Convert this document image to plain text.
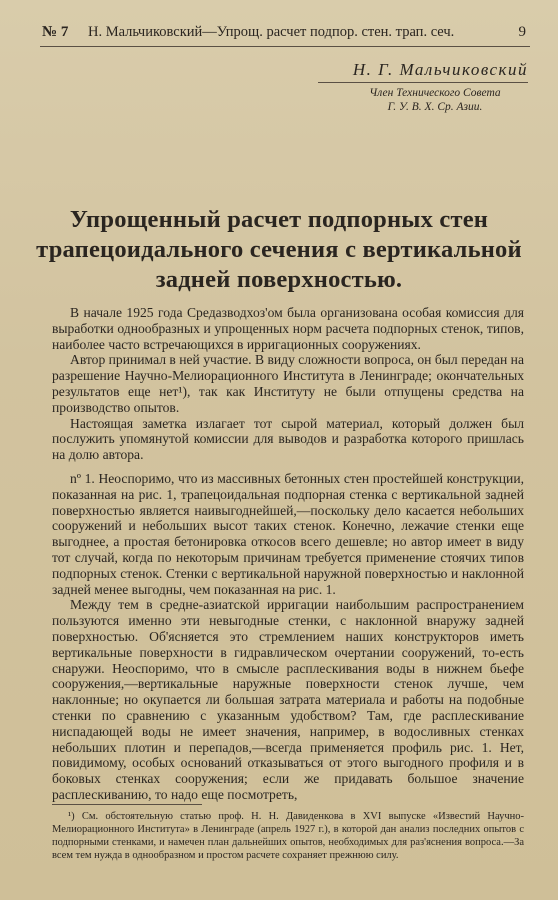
№ 7 Н. Мальчиковский—Упрощ. расчет подпор. стен. трап. сеч.	9
Н. Г. Мальчиковский
Член Технического Совета
Г. У. В. Х. Ср. Азии.
Упрощенный расчет подпорных стен трапецоидального сечения с вертикальной задней поверхностью.

В начале 1925 года Средазводхоз'ом была организована особая комиссия для выработки однообразных и упрощенных норм расчета подпорных стенок, типов, наиболее часто встречающихся в ирригационных сооружениях.

Автор принимал в ней участие. В виду сложности вопроса, он был передан на разрешение Научно-Мелиорационного Института в Ленинграде; окончательных результатов еще нет¹), так как Институту не были отпущены средства на производство опытов.

Настоящая заметка излагает тот сырой материал, который должен был послужить упомянутой комиссии для выводов и разработка которого пришлась на долю автора.

nº 1. Неоспоримо, что из массивных бетонных стен простейшей конструкции, показанная на рис. 1, трапецоидальная подпорная стенка с вертикальной задней поверхностью является наивыгоднейшей,—поскольку дело касается небольших сооружений и небольших высот таких стенок. Конечно, лежачие стенки еще выгоднее, а простая бетонировка откосов всего дешевле; но автор имеет в виду тот случай, когда по некоторым причинам требуется применение стоячих типов подпорных стенок. Стенки с вертикальной наружной поверхностью и наклонной задней менее выгодны, чем показанная на рис. 1.

Между тем в средне-азиатской ирригации наибольшим распространением пользуются именно эти невыгодные стенки, с наклонной внаружу задней поверхностью. Об'ясняется это стремлением наших конструкторов иметь вертикальные поверхности в гидравлическом очертании сооружений, то-есть снаружи. Неоспоримо, что в смысле расплескивания воды в нижнем бьефе сооружения,—вертикальные наружные поверхности стенок лучше, чем наклонные; но окупается ли большая затрата материала и работы на подобные стенки по сравнению с указанным удобством? Там, где расплескивание ниспадающей воды не имеет значения, например, в водосливных стенках небольших плотин и перепадов,—всегда применяется профиль рис. 1. Нет, повидимому, особых оснований отказываться от этого выгодного профиля и в боковых стенках сооружения; если же придавать большое значение расплескиванию, то надо еще посмотреть,

¹) См. обстоятельную статью проф. Н. Н. Давиденкова в XVI выпуске «Известий Научно-Мелиорационного Института» в Ленинграде (апрель 1927 г.), в которой дан анализ последних опытов с подпорными стенками, и намечен план дальнейших опытов, необходимых для раз'яснения вопроса.—За всем тем нужда в однообразном и простом расчете сохраняет прежнюю силу.
